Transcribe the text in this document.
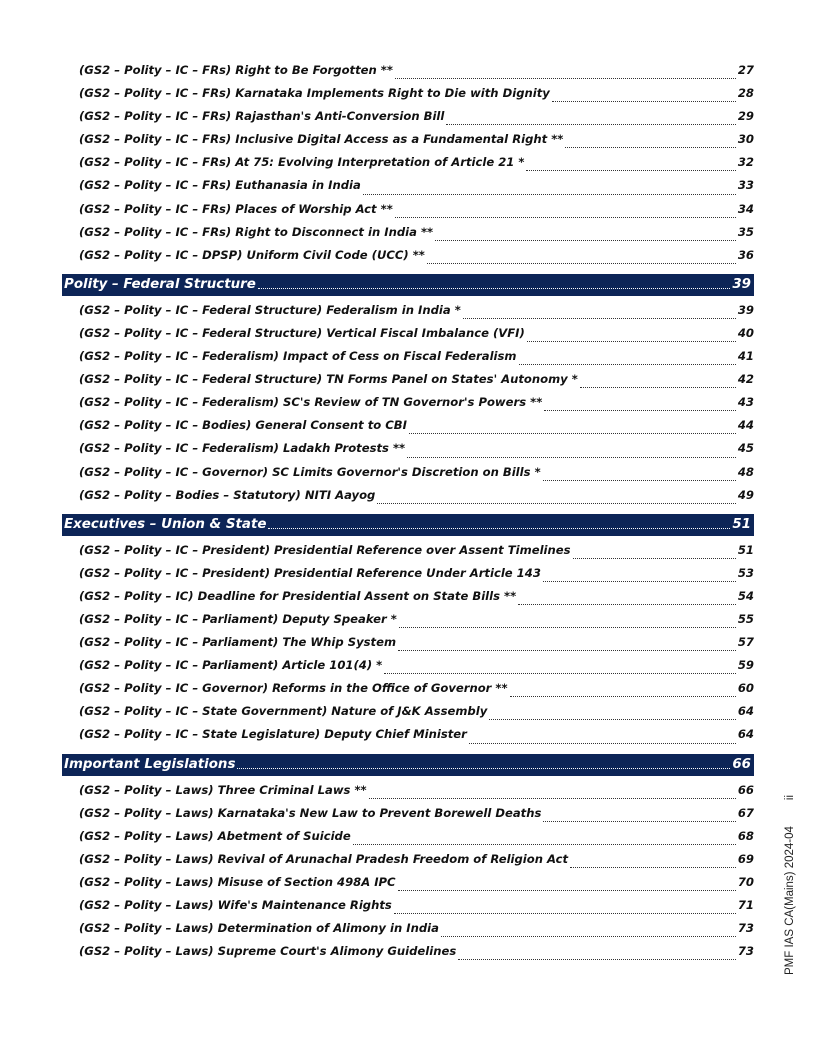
(GS2 – Polity – IC – FRs) Right to Be Forgotten **	27
(GS2 – Polity – IC – FRs) Karnataka Implements Right to Die with Dignity	28
(GS2 – Polity – IC – FRs) Rajasthan's Anti-Conversion Bill	29
(GS2 – Polity – IC – FRs) Inclusive Digital Access as a Fundamental Right **	30
(GS2 – Polity – IC – FRs) At 75: Evolving Interpretation of Article 21 *	32
(GS2 – Polity – IC – FRs) Euthanasia in India	33
(GS2 – Polity – IC – FRs) Places of Worship Act **	34
(GS2 – Polity – IC – FRs) Right to Disconnect in India **	35
(GS2 – Polity – IC – DPSP) Uniform Civil Code (UCC) **	36
Polity – Federal Structure	39
(GS2 – Polity – IC – Federal Structure) Federalism in India *	39
(GS2 – Polity – IC – Federal Structure) Vertical Fiscal Imbalance (VFI)	40
(GS2 – Polity – IC – Federalism) Impact of Cess on Fiscal Federalism	41
(GS2 – Polity – IC – Federal Structure) TN Forms Panel on States' Autonomy *	42
(GS2 – Polity – IC – Federalism) SC's Review of TN Governor's Powers **	43
(GS2 – Polity – IC – Bodies) General Consent to CBI	44
(GS2 – Polity – IC – Federalism) Ladakh Protests **	45
(GS2 – Polity – IC – Governor) SC Limits Governor's Discretion on Bills *	48
(GS2 – Polity – Bodies – Statutory) NITI Aayog	49
Executives – Union & State	51
(GS2 – Polity – IC – President) Presidential Reference over Assent Timelines	51
(GS2 – Polity – IC – President) Presidential Reference Under Article 143	53
(GS2 – Polity – IC) Deadline for Presidential Assent on State Bills **	54
(GS2 – Polity – IC – Parliament) Deputy Speaker *	55
(GS2 – Polity – IC – Parliament) The Whip System	57
(GS2 – Polity – IC – Parliament) Article 101(4) *	59
(GS2 – Polity – IC – Governor) Reforms in the Office of Governor **	60
(GS2 – Polity – IC – State Government) Nature of J&K Assembly	64
(GS2 – Polity – IC – State Legislature) Deputy Chief Minister	64
Important Legislations	66
(GS2 – Polity – Laws) Three Criminal Laws **	66
(GS2 – Polity – Laws) Karnataka's New Law to Prevent Borewell Deaths	67
(GS2 – Polity – Laws) Abetment of Suicide	68
(GS2 – Polity – Laws) Revival of Arunachal Pradesh Freedom of Religion Act	69
(GS2 – Polity – Laws) Misuse of Section 498A IPC	70
(GS2 – Polity – Laws) Wife's Maintenance Rights	71
(GS2 – Polity – Laws) Determination of Alimony in India	73
(GS2 – Polity – Laws) Supreme Court's Alimony Guidelines	73	PMF IAS CA(Mains) 2024-04ii
